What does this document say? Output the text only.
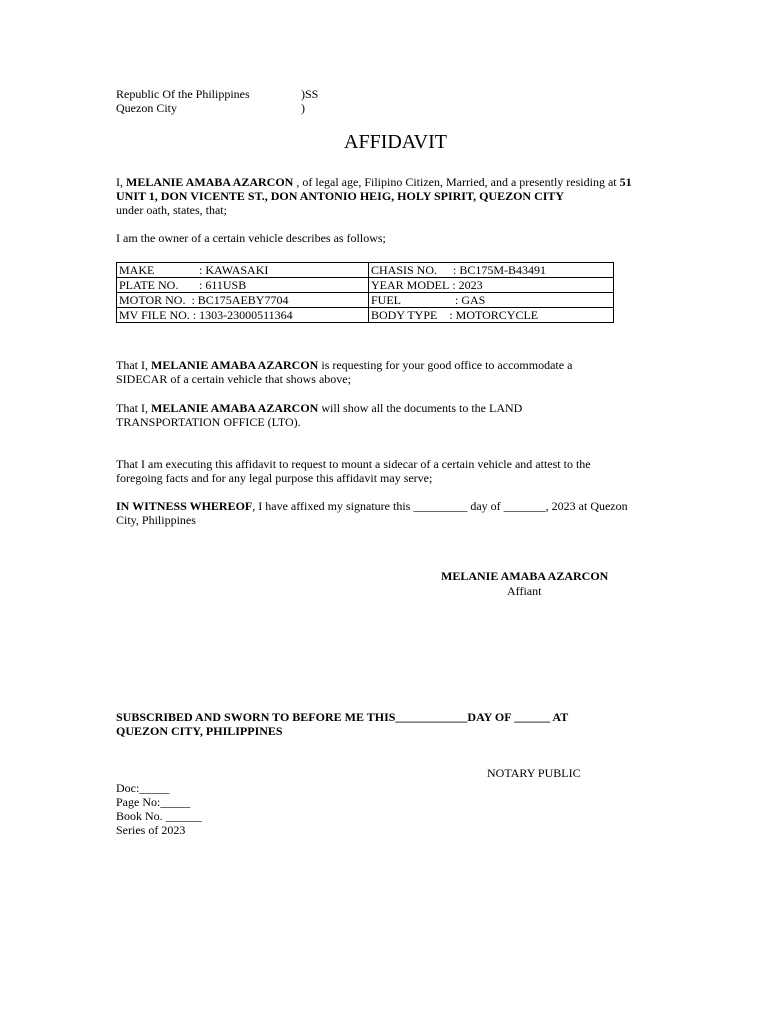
Republic Of the Philippines	)SS
Quezon City	)
AFFIDAVIT
I, MELANIE AMABA AZARCON , of legal age, Filipino Citizen, Married, and a presently residing at 51 UNIT 1, DON VICENTE ST., DON ANTONIO HEIG, HOLY SPIRIT, QUEZON CITY
under oath, states, that;
I am the owner of a certain vehicle describes as follows;
MAKE : KAWASAKI	CHASIS NO. : BC175M-B43491
PLATE NO. : 611USB	YEAR MODEL : 2023
MOTOR NO. : BC175AEBY7704	FUEL : GAS
MV FILE NO. : 1303-23000511364	BODY TYPE : MOTORCYCLE
That I, MELANIE AMABA AZARCON is requesting for your good office to accommodate a SIDECAR of a certain vehicle that shows above;
That I, MELANIE AMABA AZARCON will show all the documents to the LAND TRANSPORTATION OFFICE (LTO).
That I am executing this affidavit to request to mount a sidecar of a certain vehicle and attest to the foregoing facts and for any legal purpose this affidavit may serve;
IN WITNESS WHEREOF, I have affixed my signature this _________ day of _______, 2023 at Quezon City, Philippines
MELANIE AMABA AZARCON
Affiant
SUBSCRIBED AND SWORN TO BEFORE ME THIS____________DAY OF ______ AT
QUEZON CITY, PHILIPPINES
NOTARY PUBLIC
Doc:_____
Page No:_____
Book No. ______
Series of 2023
